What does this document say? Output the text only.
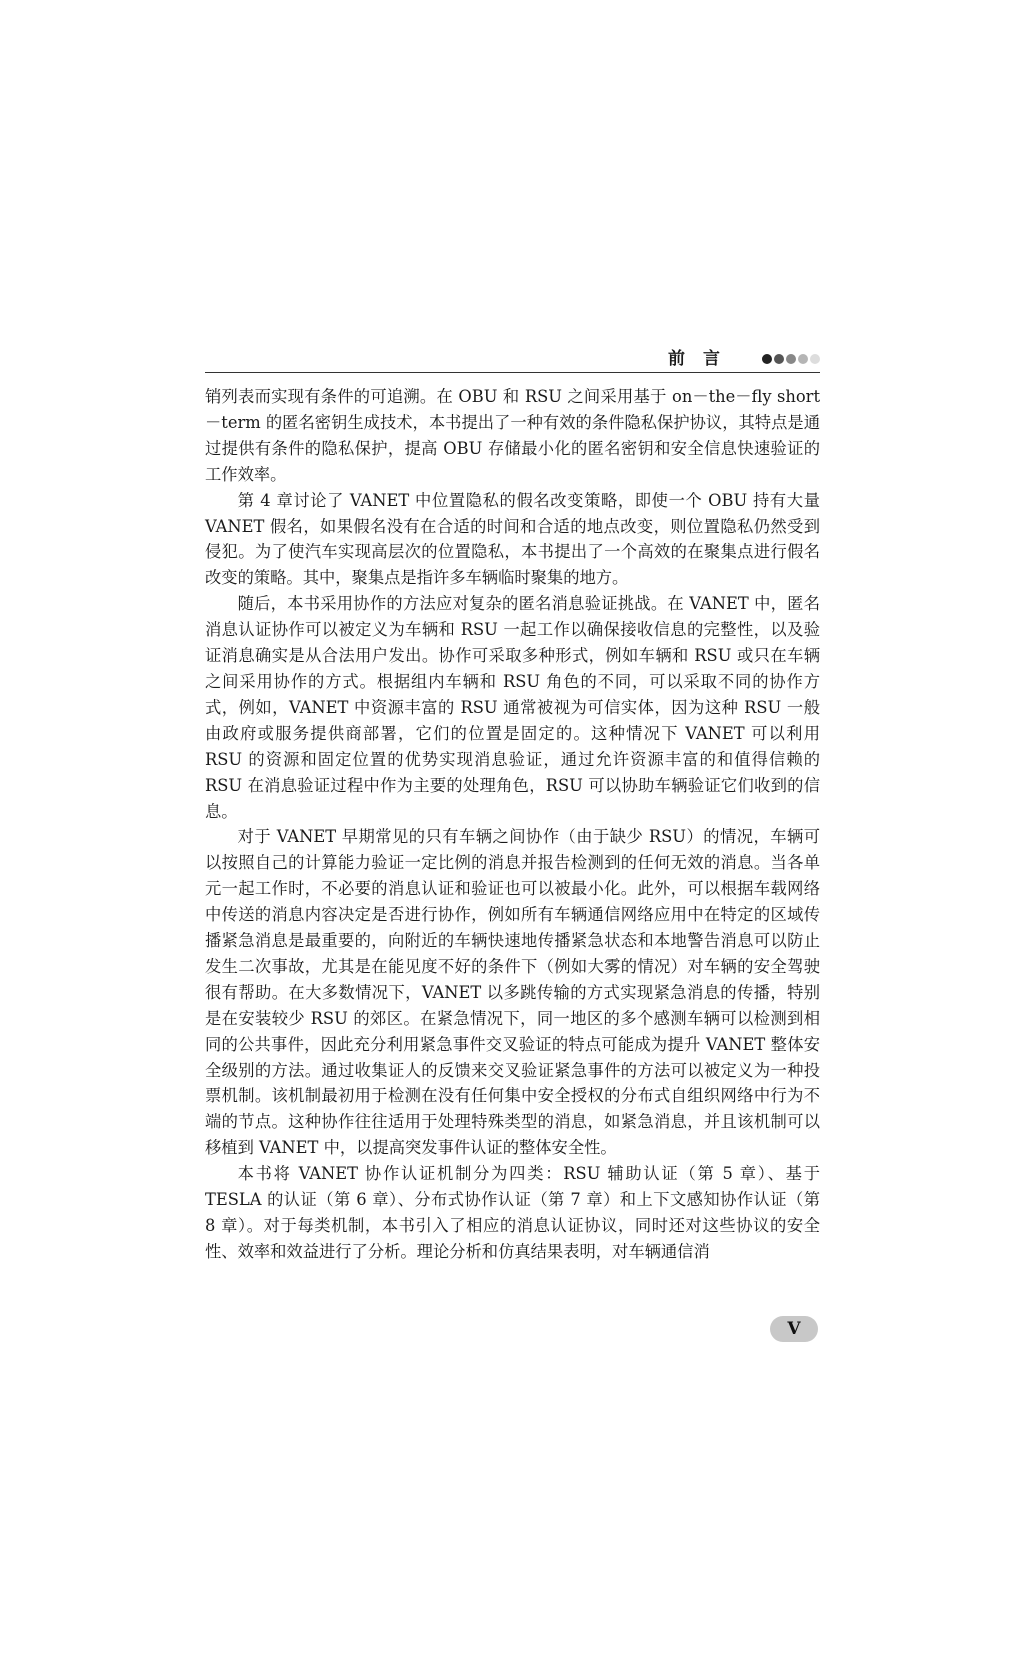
前言

销列表而实现有条件的可追溯。在 OBU 和 RSU 之间采用基于 on－the－fly short－term 的匿名密钥生成技术，本书提出了一种有效的条件隐私保护协议，其特点是通过提供有条件的隐私保护，提高 OBU 存储最小化的匿名密钥和安全信息快速验证的工作效率。

第 4 章讨论了 VANET 中位置隐私的假名改变策略，即使一个 OBU 持有大量 VANET 假名，如果假名没有在合适的时间和合适的地点改变，则位置隐私仍然受到侵犯。为了使汽车实现高层次的位置隐私，本书提出了一个高效的在聚集点进行假名改变的策略。其中，聚集点是指许多车辆临时聚集的地方。

随后，本书采用协作的方法应对复杂的匿名消息验证挑战。在 VANET 中，匿名消息认证协作可以被定义为车辆和 RSU 一起工作以确保接收信息的完整性，以及验证消息确实是从合法用户发出。协作可采取多种形式，例如车辆和 RSU 或只在车辆之间采用协作的方式。根据组内车辆和 RSU 角色的不同，可以采取不同的协作方式，例如，VANET 中资源丰富的 RSU 通常被视为可信实体，因为这种 RSU 一般由政府或服务提供商部署，它们的位置是固定的。这种情况下 VANET 可以利用 RSU 的资源和固定位置的优势实现消息验证，通过允许资源丰富的和值得信赖的 RSU 在消息验证过程中作为主要的处理角色，RSU 可以协助车辆验证它们收到的信息。

对于 VANET 早期常见的只有车辆之间协作（由于缺少 RSU）的情况，车辆可以按照自己的计算能力验证一定比例的消息并报告检测到的任何无效的消息。当各单元一起工作时，不必要的消息认证和验证也可以被最小化。此外，可以根据车载网络中传送的消息内容决定是否进行协作，例如所有车辆通信网络应用中在特定的区域传播紧急消息是最重要的，向附近的车辆快速地传播紧急状态和本地警告消息可以防止发生二次事故，尤其是在能见度不好的条件下（例如大雾的情况）对车辆的安全驾驶很有帮助。在大多数情况下，VANET 以多跳传输的方式实现紧急消息的传播，特别是在安装较少 RSU 的郊区。在紧急情况下，同一地区的多个感测车辆可以检测到相同的公共事件，因此充分利用紧急事件交叉验证的特点可能成为提升 VANET 整体安全级别的方法。通过收集证人的反馈来交叉验证紧急事件的方法可以被定义为一种投票机制。该机制最初用于检测在没有任何集中安全授权的分布式自组织网络中行为不端的节点。这种协作往往适用于处理特殊类型的消息，如紧急消息，并且该机制可以移植到 VANET 中，以提高突发事件认证的整体安全性。

本书将 VANET 协作认证机制分为四类：RSU 辅助认证（第 5 章）、基于 TESLA 的认证（第 6 章）、分布式协作认证（第 7 章）和上下文感知协作认证（第 8 章）。对于每类机制，本书引入了相应的消息认证协议，同时还对这些协议的安全性、效率和效益进行了分析。理论分析和仿真结果表明，对车辆通信消

V
